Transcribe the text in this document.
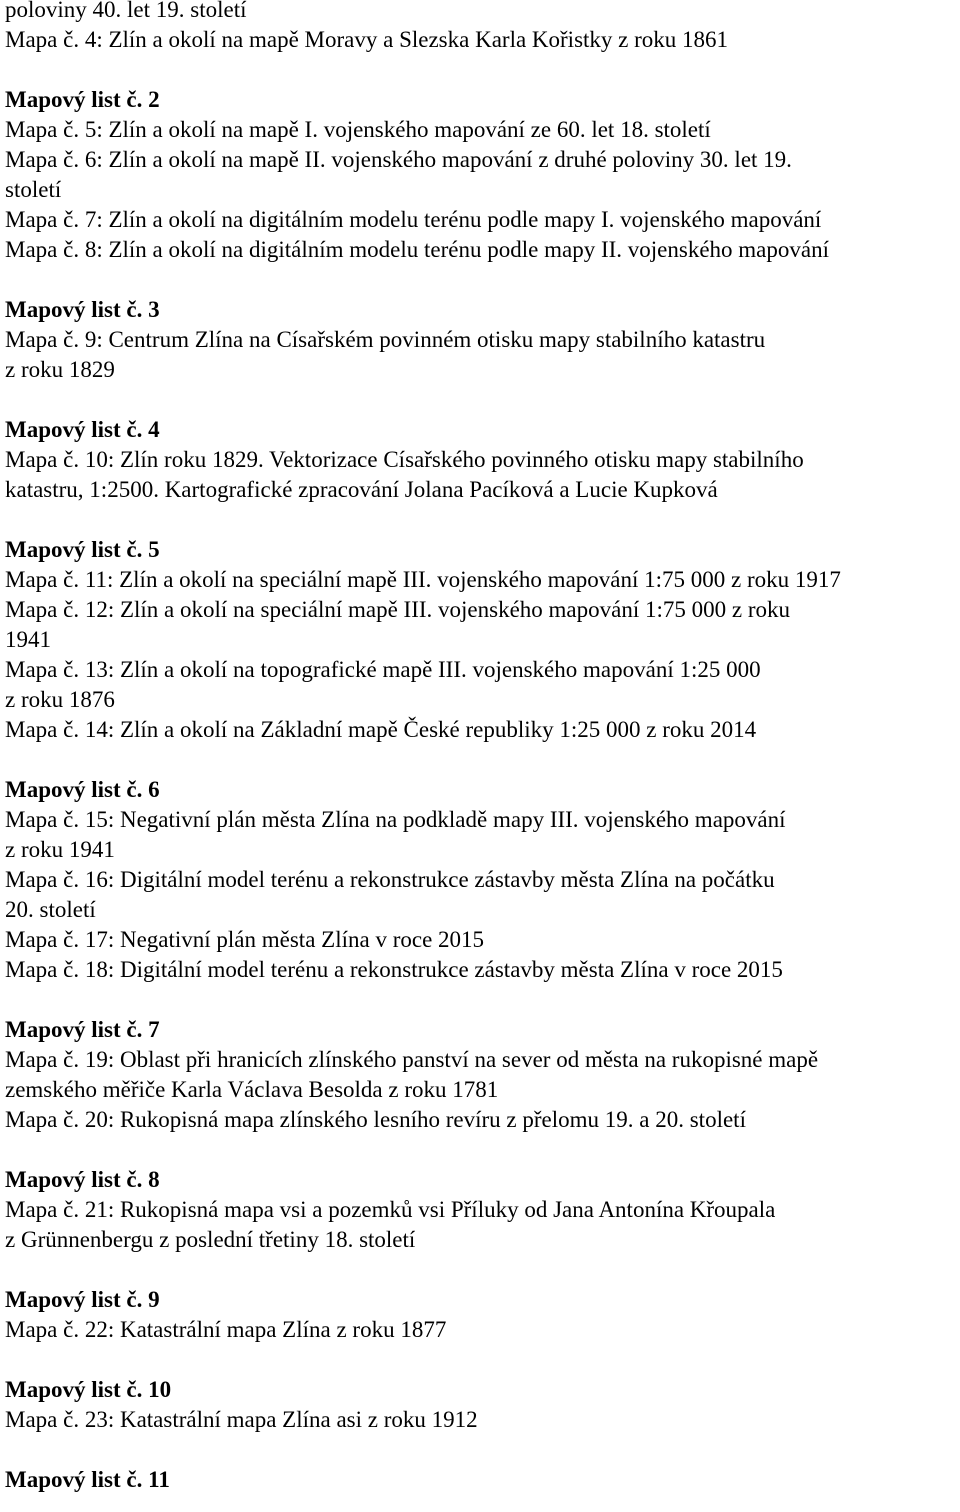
poloviny 40. let 19. století
Mapa č. 4: Zlín a okolí na mapě Moravy a Slezska Karla Kořistky z roku 1861
Mapový list č. 2
Mapa č. 5: Zlín a okolí na mapě I. vojenského mapování ze 60. let 18. století
Mapa č. 6: Zlín a okolí na mapě II. vojenského mapování z druhé poloviny 30. let 19.
století
Mapa č. 7: Zlín a okolí na digitálním modelu terénu podle mapy I. vojenského mapování
Mapa č. 8: Zlín a okolí na digitálním modelu terénu podle mapy II. vojenského mapování
Mapový list č. 3
Mapa č. 9: Centrum Zlína na Císařském povinném otisku mapy stabilního katastru
z roku 1829
Mapový list č. 4
Mapa č. 10: Zlín roku 1829. Vektorizace Císařského povinného otisku mapy stabilního
katastru, 1:2500. Kartografické zpracování Jolana Pacíková a Lucie Kupková
Mapový list č. 5
Mapa č. 11: Zlín a okolí na speciální mapě III. vojenského mapování 1:75 000 z roku 1917
Mapa č. 12: Zlín a okolí na speciální mapě III. vojenského mapování 1:75 000 z roku
1941
Mapa č. 13: Zlín a okolí na topografické mapě III. vojenského mapování 1:25 000
z roku 1876
Mapa č. 14: Zlín a okolí na Základní mapě České republiky 1:25 000 z roku 2014
Mapový list č. 6
Mapa č. 15: Negativní plán města Zlína na podkladě mapy III. vojenského mapování
z roku 1941
Mapa č. 16: Digitální model terénu a rekonstrukce zástavby města Zlína na počátku
20. století
Mapa č. 17: Negativní plán města Zlína v roce 2015
Mapa č. 18: Digitální model terénu a rekonstrukce zástavby města Zlína v roce 2015
Mapový list č. 7
Mapa č. 19: Oblast při hranicích zlínského panství na sever od města na rukopisné mapě
zemského měřiče Karla Václava Besolda z roku 1781
Mapa č. 20: Rukopisná mapa zlínského lesního revíru z přelomu 19. a 20. století
Mapový list č. 8
Mapa č. 21: Rukopisná mapa vsi a pozemků vsi Příluky od Jana Antonína Křoupala
z Grünnenbergu z poslední třetiny 18. století
Mapový list č. 9
Mapa č. 22: Katastrální mapa Zlína z roku 1877
Mapový list č. 10
Mapa č. 23: Katastrální mapa Zlína asi z roku 1912
Mapový list č. 11
